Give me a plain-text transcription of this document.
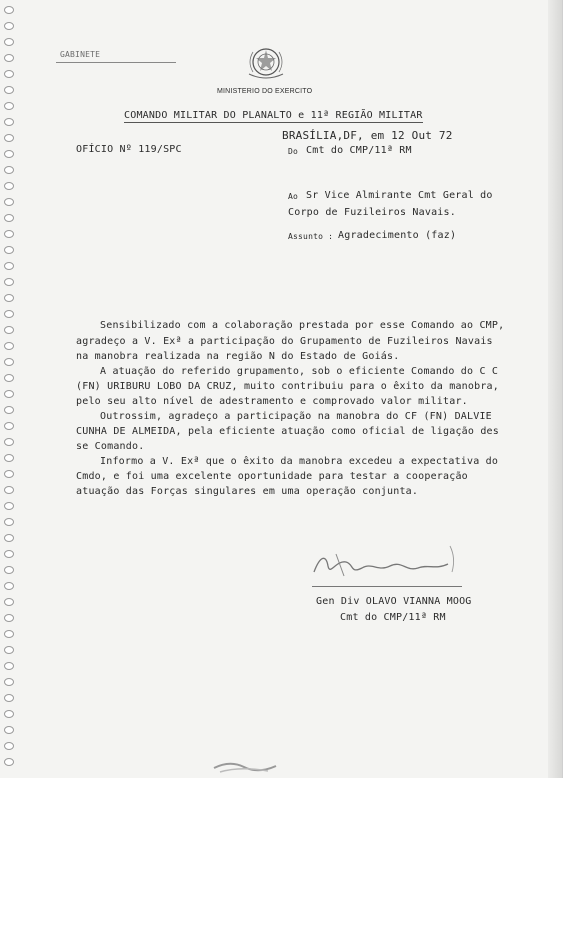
GABINETE
MINISTERIO DO EXERCITO
COMANDO MILITAR DO PLANALTO e 11ª REGIÃO MILITAR
BRASÍLIA,DF, em 12 Out 72
OFÍCIO Nº 119/SPC	Do Cmt do CMP/11ª RM
Ao Sr Vice Almirante Cmt Geral do
Corpo de Fuzileiros Navais.
Assunto : Agradecimento (faz)
Sensibilizado com a colaboração prestada por esse Comando ao CMP,
agradeço a V. Exª a participação do Grupamento de Fuzileiros Navais
na manobra realizada na região N do Estado de Goiás.
A atuação do referido grupamento, sob o eficiente Comando do C C
(FN) URIBURU LOBO DA CRUZ, muito contribuiu para o êxito da manobra,
pelo seu alto nível de adestramento e comprovado valor militar.
Outrossim, agradeço a participação na manobra do CF (FN) DALVIE
CUNHA DE ALMEIDA, pela eficiente atuação como oficial de ligação des
se Comando.
Informo a V. Exª que o êxito da manobra excedeu a expectativa do
Cmdo, e foi uma excelente oportunidade para testar a cooperação
atuação das Forças singulares em uma operação conjunta.
Gen Div OLAVO VIANNA MOOG
Cmt do CMP/11ª RM
